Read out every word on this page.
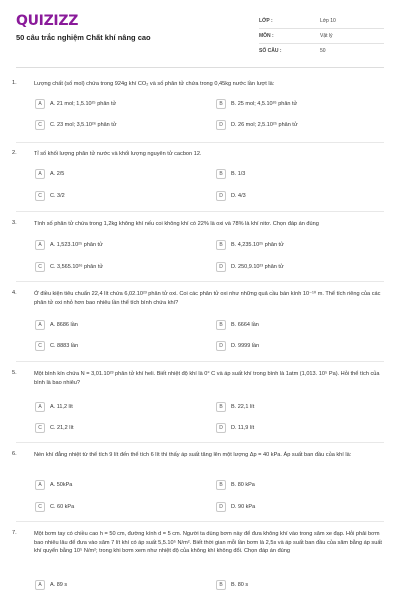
QUIZIZZ
50 câu trắc nghiệm Chất khí nâng cao
LỚP :	Lớp 10
MÔN :	Vật lý
SỐ CÂU :	50
1.	Lượng chất (số mol) chứa trong 924g khí CO₂ và số phân tử chứa trong 0,45kg nước lần lượt là:
A	A. 21 mol; 1,5.10²⁵ phân tử	B	B. 25 mol; 4,5.10²⁶ phân tử
C	C. 23 mol; 3,5.10²⁶ phân tử	D	D. 26 mol; 2,5.10²⁵ phân tử
2.	Tỉ số khối lượng phân tử nước và khối lượng nguyên tử cacbon 12.
A	A. 2/5	B	B. 1/3
C	C. 3/2	D	D. 4/3
3.	Tính số phân tử chứa trong 1,2kg không khí nếu coi không khí có 22% là oxi và 78% là khí nitơ. Chọn đáp án đúng
A	A. 1,523.10²⁵ phân tử	B	B. 4,235.10²⁵ phân tử
C	C. 3,565.10²⁶ phân tử	D	D. 250,9.10²³ phân tử
4.	Ở điều kiện tiêu chuẩn 22,4 lít chứa 6,02.10²³ phân tử oxi. Coi các phân tử oxi như những quả cầu bán kính 10⁻¹⁰ m. Thể tích riêng của các phân tử oxi nhỏ hơn bao nhiêu lần thể tích bình chứa khí?
A	A. 8686 lần	B	B. 6664 lần
C	C. 8883 lần	D	D. 9999 lần
5.	Một bình kín chứa N = 3,01.10²³ phân tử khí heli. Biết nhiệt độ khí là 0° C và áp suất khí trong bình là 1atm (1,013. 10⁵ Pa). Hỏi thể tích của bình là bao nhiêu?
A	A. 11,2 lít	B	B. 22,1 lít
C	C. 21,2 lít	D	D. 11,9 lít
6.	Nén khí đẳng nhiệt từ thể tích 9 lít đến thể tích 6 lít thì thấy áp suất tăng lên một lượng Δp = 40 kPa. Áp suất ban đầu của khí là:
A	A. 50kPa	B	B. 80 kPa
C	C. 60 kPa	D	D. 90 kPa
7.	Một bơm tay có chiều cao h = 50 cm, đường kính d = 5 cm. Người ta dùng bơm này để đưa không khí vào trong săm xe đạp. Hỏi phải bơm bao nhiêu lâu để đưa vào săm 7 lít khí có áp suất 5,5.10⁵ N/m². Biết thời gian mỗi lần bơm là 2,5s và áp suất ban đầu của săm bằng áp suất khí quyển bằng 10⁵ N/m²; trong khi bơm xem như nhiệt độ của không khí không đổi. Chọn đáp án đúng
A	A. 89 s	B	B. 80 s
